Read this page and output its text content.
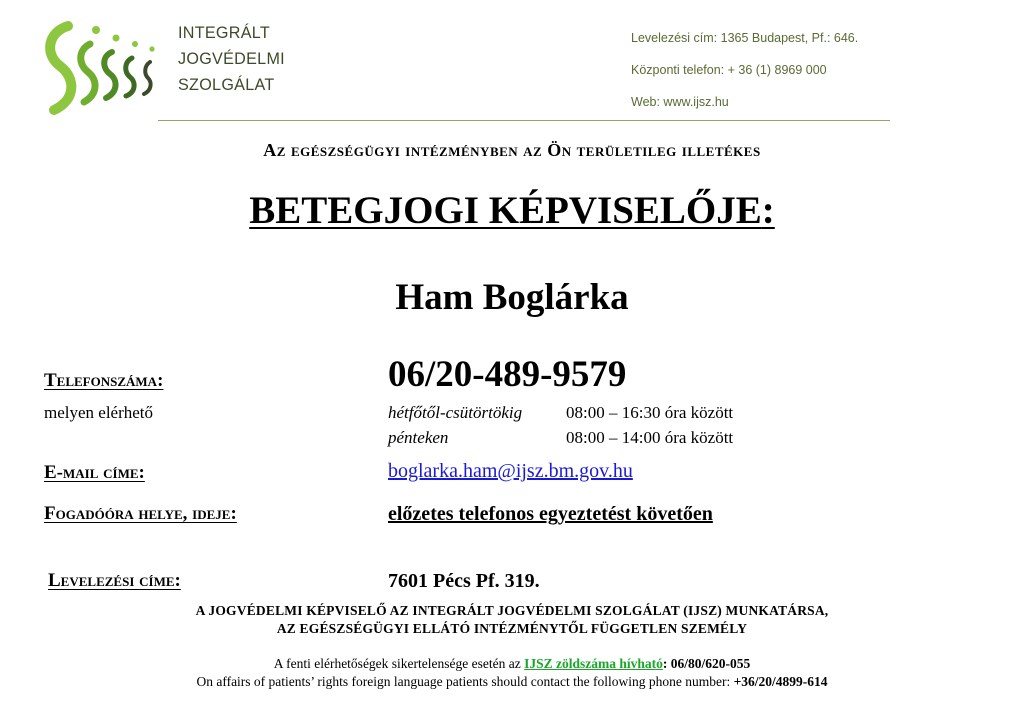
INTEGRÁLT
JOGVÉDELMI
SZOLGÁLAT
Levelezési cím: 1365 Budapest, Pf.: 646.
Központi telefon: + 36 (1) 8969 000
Web: www.ijsz.hu
Az egészségügyi intézményben az Ön területileg illetékes
BETEGJOGI KÉPVISELŐJE:
Ham Boglárka
Telefonszáma:	06/20-489-9579
melyen elérhető	hétfőtől-csütörtökig	08:00 – 16:30 óra között
pénteken	08:00 – 14:00 óra között
E-mail címe:	boglarka.ham@ijsz.bm.gov.hu
Fogadóóra helye, ideje:	előzetes telefonos egyeztetést követően
Levelezési címe:	7601 Pécs Pf. 319.
A JOGVÉDELMI KÉPVISELŐ AZ INTEGRÁLT JOGVÉDELMI SZOLGÁLAT (IJSZ) MUNKATÁRSA,
AZ EGÉSZSÉGÜGYI ELLÁTÓ INTÉZMÉNYTŐL FÜGGETLEN SZEMÉLY
A fenti elérhetőségek sikertelensége esetén az IJSZ zöldszáma hívható: 06/80/620-055
On affairs of patients’ rights foreign language patients should contact the following phone number: +36/20/4899-614
